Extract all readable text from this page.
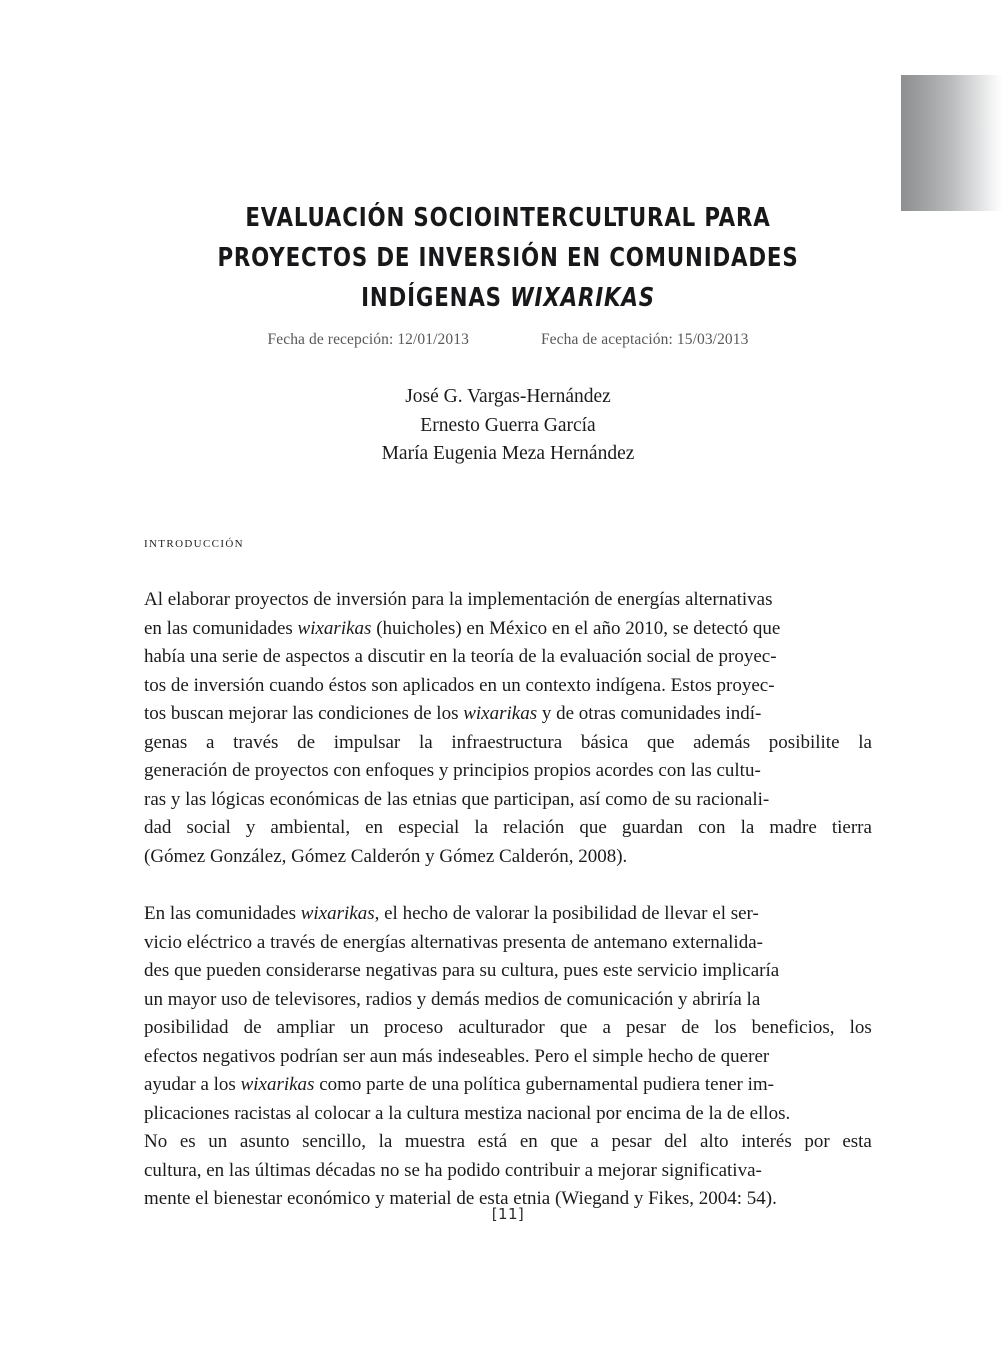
EVALUACIÓN SOCIOINTERCULTURAL PARA
PROYECTOS DE INVERSIÓN EN COMUNIDADES
INDÍGENAS WIXARIKAS
Fecha de recepción: 12/01/2013	Fecha de aceptación: 15/03/2013
José G. Vargas-Hernández
Ernesto Guerra García
María Eugenia Meza Hernández
introducción

Al elaborar proyectos de inversión para la implementación de energías alternativas
en las comunidades wixarikas (huicholes) en México en el año 2010, se detectó que
había una serie de aspectos a discutir en la teoría de la evaluación social de proyec-
tos de inversión cuando éstos son aplicados en un contexto indígena. Estos proyec-
tos buscan mejorar las condiciones de los wixarikas y de otras comunidades indí-
genas a través de impulsar la infraestructura básica que además posibilite la
generación de proyectos con enfoques y principios propios acordes con las cultu-
ras y las lógicas económicas de las etnias que participan, así como de su racionali-
dad social y ambiental, en especial la relación que guardan con la madre tierra
(Gómez González, Gómez Calderón y Gómez Calderón, 2008).

En las comunidades wixarikas, el hecho de valorar la posibilidad de llevar el ser-
vicio eléctrico a través de energías alternativas presenta de antemano externalida-
des que pueden considerarse negativas para su cultura, pues este servicio implicaría
un mayor uso de televisores, radios y demás medios de comunicación y abriría la
posibilidad de ampliar un proceso aculturador que a pesar de los beneficios, los
efectos negativos podrían ser aun más indeseables. Pero el simple hecho de querer
ayudar a los wixarikas como parte de una política gubernamental pudiera tener im-
plicaciones racistas al colocar a la cultura mestiza nacional por encima de la de ellos.
No es un asunto sencillo, la muestra está en que a pesar del alto interés por esta
cultura, en las últimas décadas no se ha podido contribuir a mejorar significativa-
mente el bienestar económico y material de esta etnia (Wiegand y Fikes, 2004: 54).

[11]
